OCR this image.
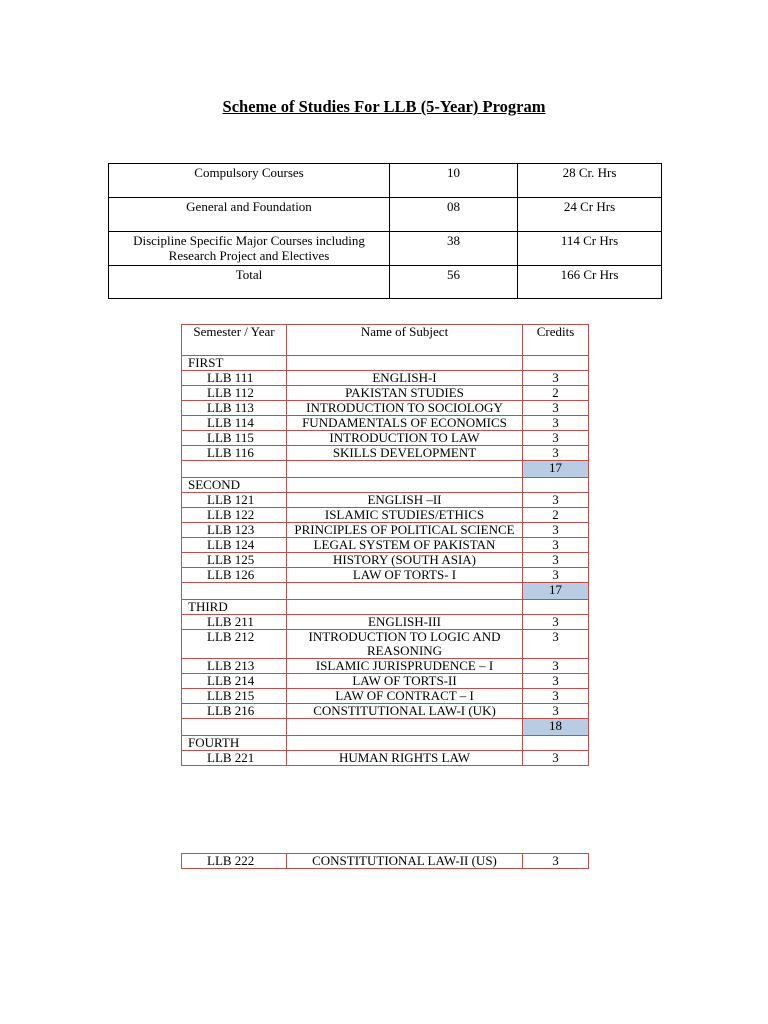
Scheme of Studies For LLB (5-Year) Program
Compulsory Courses	10	28 Cr. Hrs
General and Foundation	08	24 Cr Hrs
Discipline Specific Major Courses including Research Project and Electives	38	114 Cr Hrs
Total	56	166 Cr Hrs
Semester / Year	Name of Subject	Credits
FIRST		
LLB 111	ENGLISH-I	3
LLB 112	PAKISTAN STUDIES	2
LLB 113	INTRODUCTION TO SOCIOLOGY	3
LLB 114	FUNDAMENTALS OF ECONOMICS	3
LLB 115	INTRODUCTION TO LAW	3
LLB 116	SKILLS DEVELOPMENT	3
		17
SECOND		
LLB 121	ENGLISH –II	3
LLB 122	ISLAMIC STUDIES/ETHICS	2
LLB 123	PRINCIPLES OF POLITICAL SCIENCE	3
LLB 124	LEGAL SYSTEM OF PAKISTAN	3
LLB 125	HISTORY (SOUTH ASIA)	3
LLB 126	LAW OF TORTS- I	3
		17
THIRD		
LLB 211	ENGLISH-III	3
LLB 212	INTRODUCTION TO LOGIC AND REASONING	3
LLB 213	ISLAMIC JURISPRUDENCE – I	3
LLB 214	LAW OF TORTS-II	3
LLB 215	LAW OF CONTRACT – I	3
LLB 216	CONSTITUTIONAL LAW-I (UK)	3
		18
FOURTH		
LLB 221	HUMAN RIGHTS LAW	3
LLB 222	CONSTITUTIONAL LAW-II (US)	3
